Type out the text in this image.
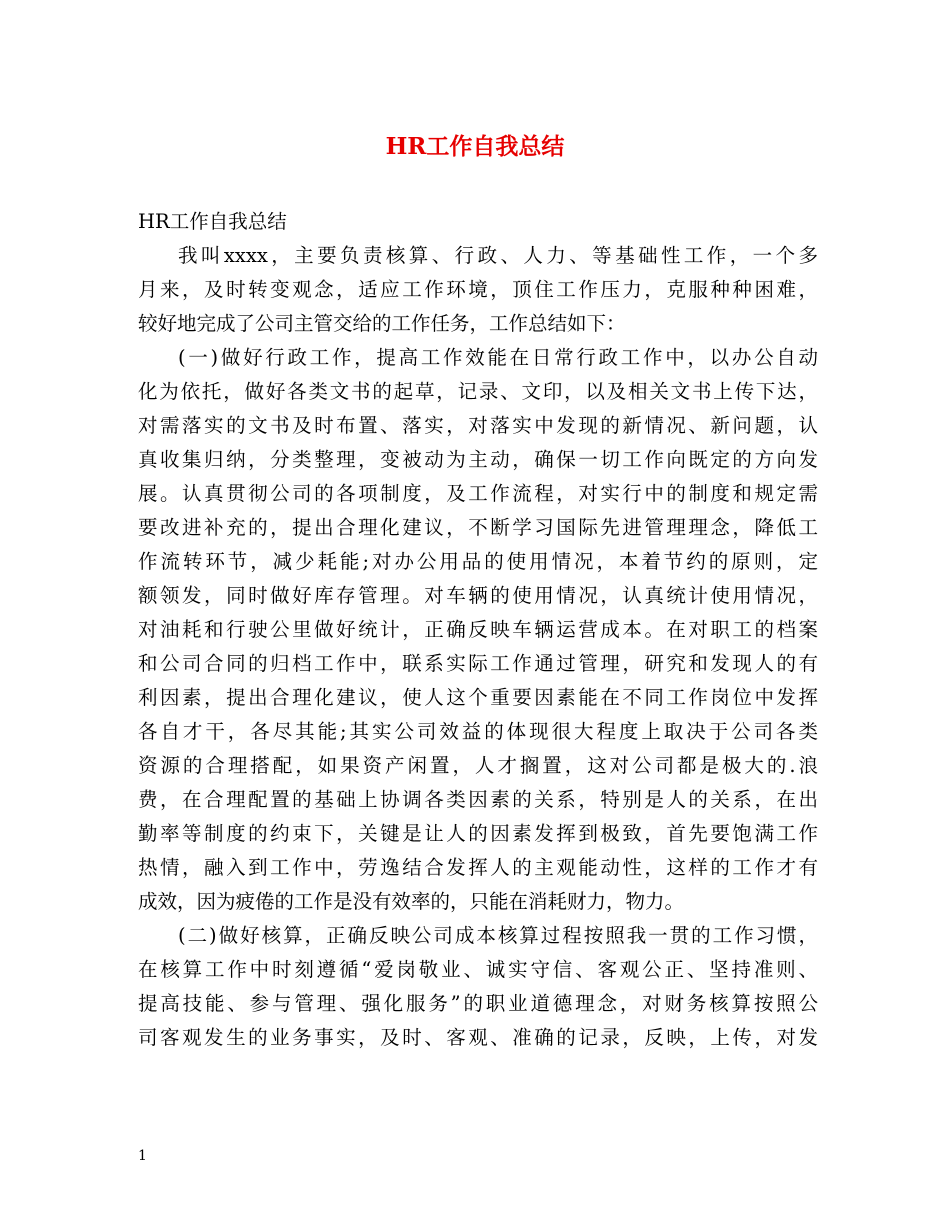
HR工作自我总结
HR工作自我总结
我叫xxxx，主要负责核算、行政、人力、等基础性工作，一个多
月来，及时转变观念，适应工作环境，顶住工作压力，克服种种困难，
较好地完成了公司主管交给的工作任务，工作总结如下：
(一)做好行政工作，提高工作效能在日常行政工作中，以办公自动
化为依托，做好各类文书的起草，记录、文印，以及相关文书上传下达，
对需落实的文书及时布置、落实，对落实中发现的新情况、新问题，认
真收集归纳，分类整理，变被动为主动，确保一切工作向既定的方向发
展。认真贯彻公司的各项制度，及工作流程，对实行中的制度和规定需
要改进补充的，提出合理化建议，不断学习国际先进管理理念，降低工
作流转环节，减少耗能;对办公用品的使用情况，本着节约的原则，定
额领发，同时做好库存管理。对车辆的使用情况，认真统计使用情况，
对油耗和行驶公里做好统计，正确反映车辆运营成本。在对职工的档案
和公司合同的归档工作中，联系实际工作通过管理，研究和发现人的有
利因素，提出合理化建议，使人这个重要因素能在不同工作岗位中发挥
各自才干，各尽其能;其实公司效益的体现很大程度上取决于公司各类
资源的合理搭配，如果资产闲置，人才搁置，这对公司都是极大的.浪
费，在合理配置的基础上协调各类因素的关系，特别是人的关系，在出
勤率等制度的约束下，关键是让人的因素发挥到极致，首先要饱满工作
热情，融入到工作中，劳逸结合发挥人的主观能动性，这样的工作才有
成效，因为疲倦的工作是没有效率的，只能在消耗财力，物力。
(二)做好核算，正确反映公司成本核算过程按照我一贯的工作习惯，
在核算工作中时刻遵循“爱岗敬业、诚实守信、客观公正、坚持准则、
提高技能、参与管理、强化服务”的职业道德理念，对财务核算按照公
司客观发生的业务事实，及时、客观、准确的记录，反映，上传，对发
1
